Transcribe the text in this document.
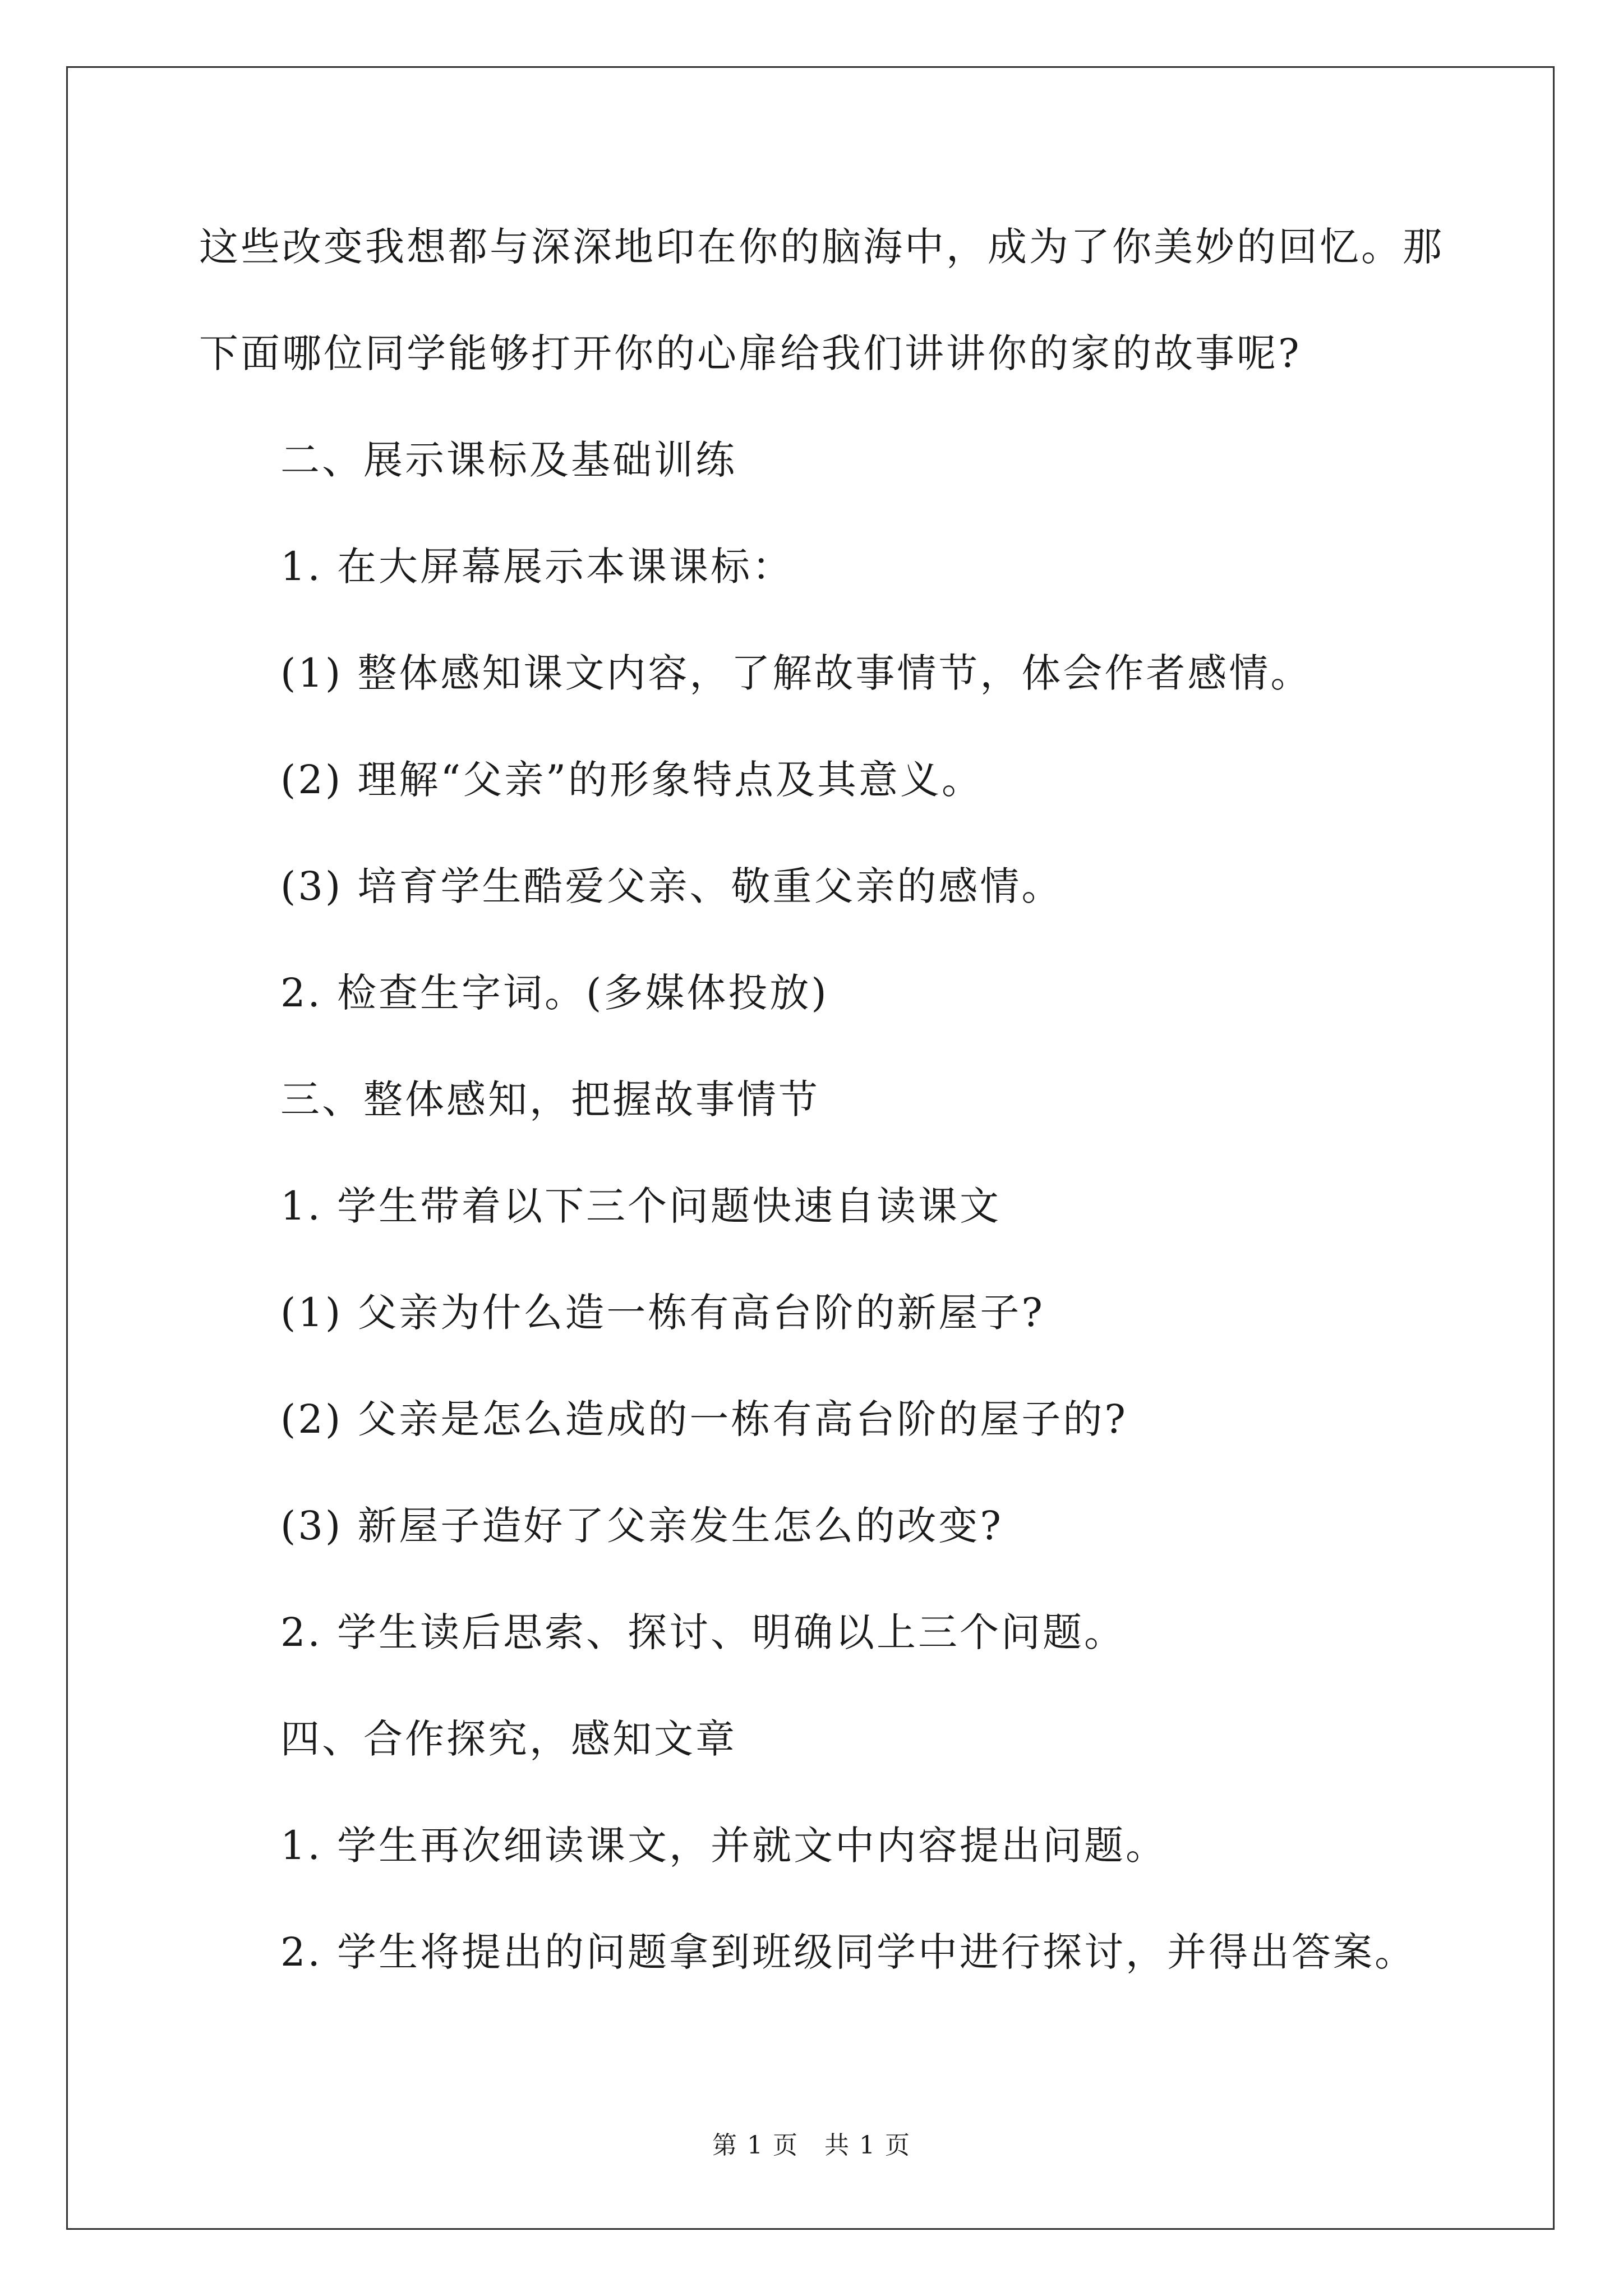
这些改变我想都与深深地印在你的脑海中，成为了你美妙的回忆。那
下面哪位同学能够打开你的心扉给我们讲讲你的家的故事呢?
二、展示课标及基础训练
1. 在大屏幕展示本课课标：
(1) 整体感知课文内容，了解故事情节，体会作者感情。
(2) 理解“父亲”的形象特点及其意义。
(3) 培育学生酷爱父亲、敬重父亲的感情。
2. 检查生字词。(多媒体投放)
三、整体感知，把握故事情节
1. 学生带着以下三个问题快速自读课文
(1) 父亲为什么造一栋有高台阶的新屋子?
(2) 父亲是怎么造成的一栋有高台阶的屋子的?
(3) 新屋子造好了父亲发生怎么的改变?
2. 学生读后思索、探讨、明确以上三个问题。
四、合作探究，感知文章
1. 学生再次细读课文，并就文中内容提出问题。
2. 学生将提出的问题拿到班级同学中进行探讨，并得出答案。
第 1 页　共 1 页
